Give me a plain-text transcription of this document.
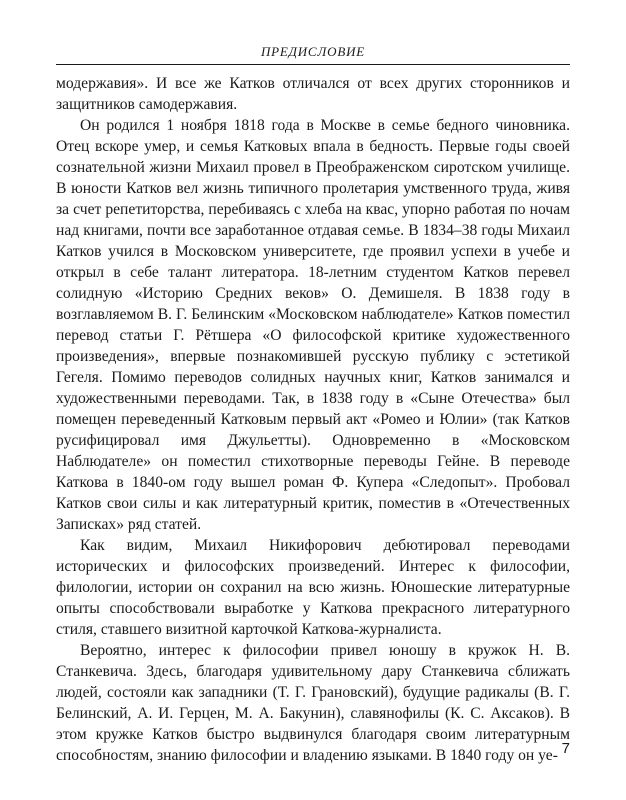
ПРЕДИСЛОВИЕ

модержавия». И все же Катков отличался от всех других сторонников и защитников самодержавия.

Он родился 1 ноября 1818 года в Москве в семье бедного чиновника. Отец вскоре умер, и семья Катковых впала в бедность. Первые годы своей сознательной жизни Михаил провел в Преображенском сиротском училище. В юности Катков вел жизнь типичного пролетария умственного труда, живя за счет репетиторства, перебиваясь с хлеба на квас, упорно работая по ночам над книгами, почти все заработанное отдавая семье. В 1834–38 годы Михаил Катков учился в Московском университете, где проявил успехи в учебе и открыл в себе талант литератора. 18-летним студентом Катков перевел солидную «Историю Средних веков» О. Демишеля. В 1838 году в возглавляемом В. Г. Белинским «Московском наблюдателе» Катков поместил перевод статьи Г. Рётшера «О философской критике художественного произведения», впервые познакомившей русскую публику с эстетикой Гегеля. Помимо переводов солидных научных книг, Катков занимался и художественными переводами. Так, в 1838 году в «Сыне Отечества» был помещен переведенный Катковым первый акт «Ромео и Юлии» (так Катков русифицировал имя Джульетты). Одновременно в «Московском Наблюдателе» он поместил стихотворные переводы Гейне. В переводе Каткова в 1840-ом году вышел роман Ф. Купера «Следопыт». Пробовал Катков свои силы и как литературный критик, поместив в «Отечественных Записках» ряд статей.

Как видим, Михаил Никифорович дебютировал переводами исторических и философских произведений. Интерес к философии, филологии, истории он сохранил на всю жизнь. Юношеские литературные опыты способствовали выработке у Каткова прекрасного литературного стиля, ставшего визитной карточкой Каткова-журналиста.

Вероятно, интерес к философии привел юношу в кружок Н. В. Станкевича. Здесь, благодаря удивительному дару Станкевича сближать людей, состояли как западники (Т. Г. Грановский), будущие радикалы (В. Г. Белинский, А. И. Герцен, М. А. Бакунин), славянофилы (К. С. Аксаков). В этом кружке Катков быстро выдвинулся благодаря своим литературным способностям, знанию философии и владению языками. В 1840 году он уе- 7
